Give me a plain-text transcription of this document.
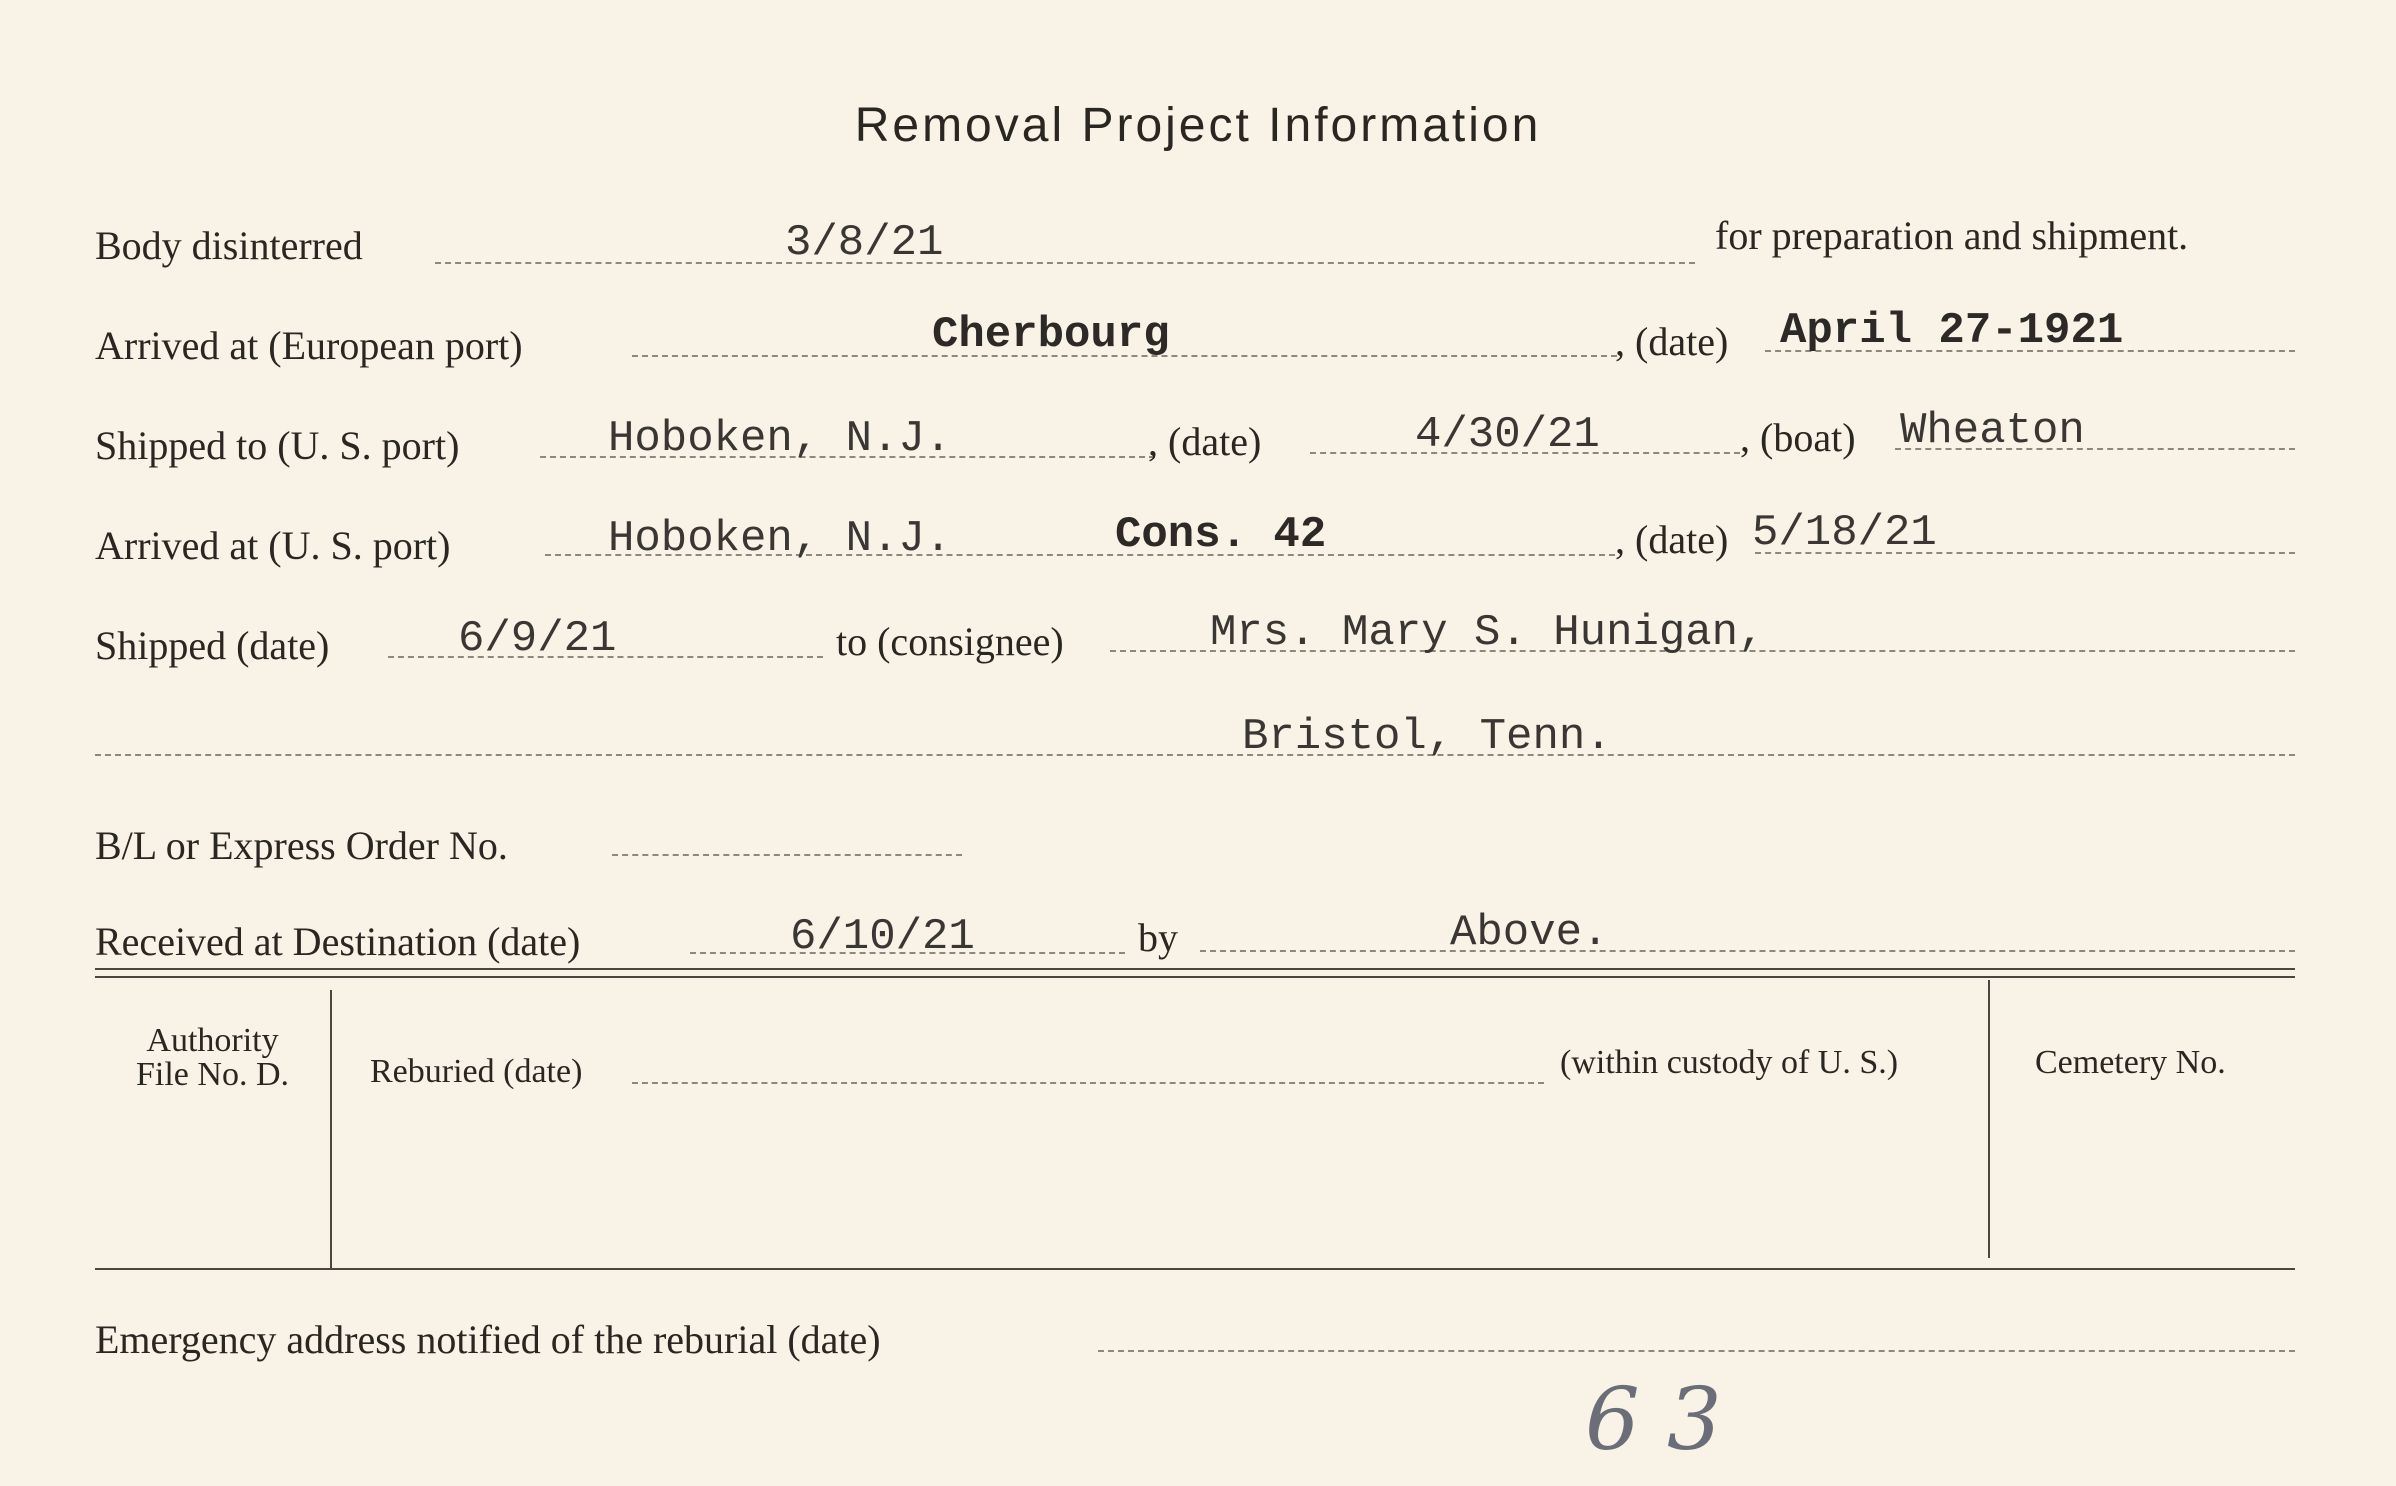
Removal Project Information
Body disinterred	3/8/21	for preparation and shipment.
Arrived at (European port)	Cherbourg	, (date) April 27-1921
Shipped to (U. S. port)	Hoboken, N.J.	, (date)	4/30/21	, (boat) Wheaton
Arrived at (U. S. port)	Hoboken, N.J.	Cons. 42	, (date) 5/18/21
Shipped (date)	6/9/21	to (consignee)	Mrs. Mary S. Hunigan,
Bristol, Tenn.
B/L or Express Order No.
Received at Destination (date)	6/10/21	by	Above.
Authority
File No. D.	Reburied (date)	(within custody of U. S.)	Cemetery No.
Emergency address notified of the reburial (date)
6 3
